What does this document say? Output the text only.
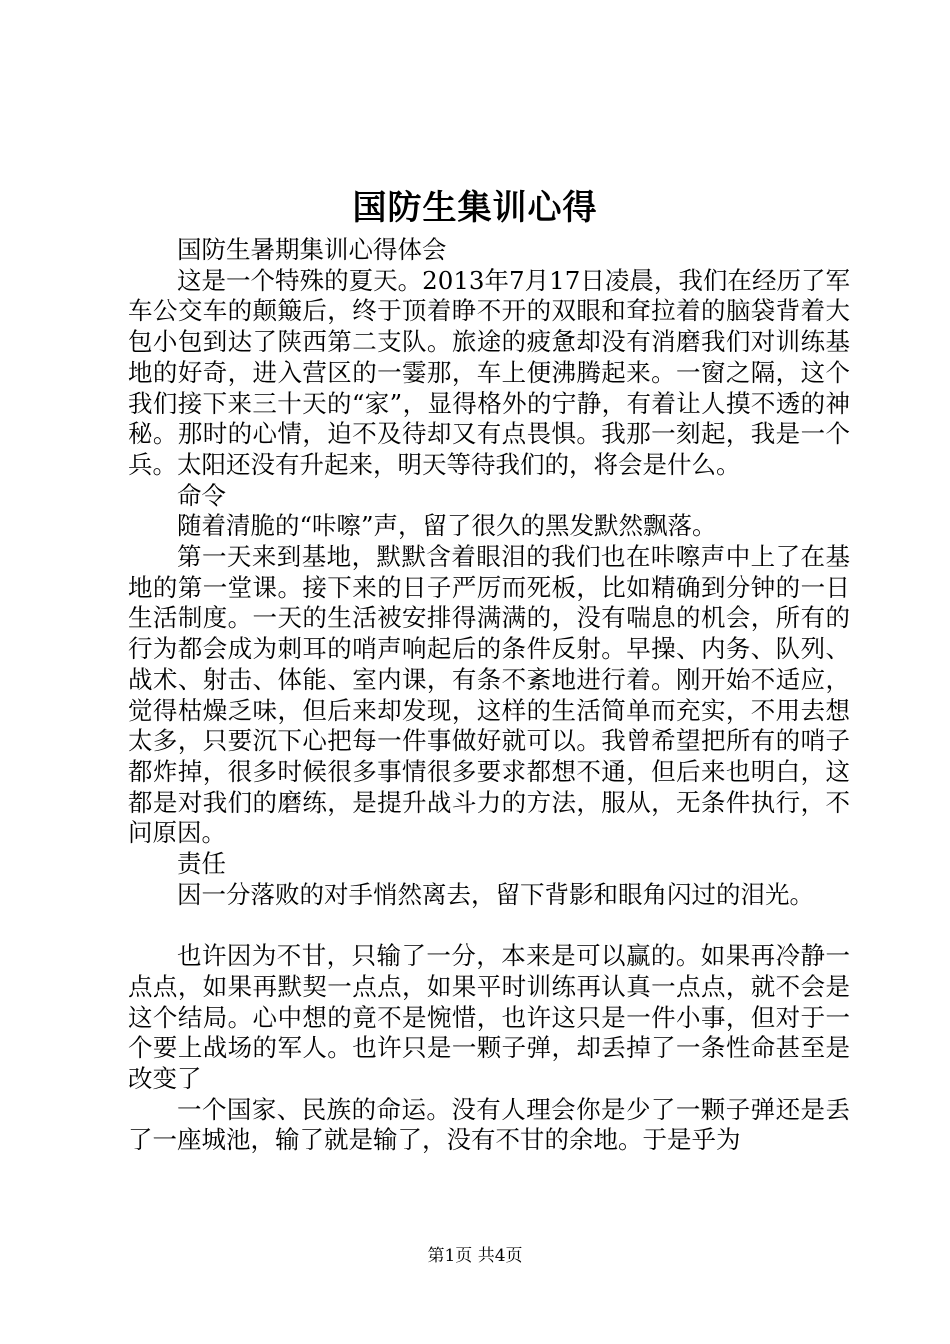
国防生集训心得

国防生暑期集训心得体会

这是一个特殊的夏天。2013年7月17日凌晨，我们在经历了军车公交车的颠簸后，终于顶着睁不开的双眼和耷拉着的脑袋背着大包小包到达了陕西第二支队。旅途的疲惫却没有消磨我们对训练基地的好奇，进入营区的一霎那，车上便沸腾起来。一窗之隔，这个我们接下来三十天的“家”，显得格外的宁静，有着让人摸不透的神秘。那时的心情，迫不及待却又有点畏惧。我那一刻起，我是一个兵。太阳还没有升起来，明天等待我们的，将会是什么。

命令

随着清脆的“咔嚓”声，留了很久的黑发默然飘落。

第一天来到基地，默默含着眼泪的我们也在咔嚓声中上了在基地的第一堂课。接下来的日子严厉而死板，比如精确到分钟的一日生活制度。一天的生活被安排得满满的，没有喘息的机会，所有的行为都会成为刺耳的哨声响起后的条件反射。早操、内务、队列、战术、射击、体能、室内课，有条不紊地进行着。刚开始不适应，觉得枯燥乏味，但后来却发现，这样的生活简单而充实，不用去想太多，只要沉下心把每一件事做好就可以。我曾希望把所有的哨子都炸掉，很多时候很多事情很多要求都想不通，但后来也明白，这都是对我们的磨练，是提升战斗力的方法，服从，无条件执行，不问原因。

责任

因一分落败的对手悄然离去，留下背影和眼角闪过的泪光。

也许因为不甘，只输了一分，本来是可以赢的。如果再冷静一点点，如果再默契一点点，如果平时训练再认真一点点，就不会是这个结局。心中想的竟不是惋惜，也许这只是一件小事，但对于一个要上战场的军人。也许只是一颗子弹，却丢掉了一条性命甚至是改变了

一个国家、民族的命运。没有人理会你是少了一颗子弹还是丢了一座城池，输了就是输了，没有不甘的余地。于是乎为

第1页 共4页
